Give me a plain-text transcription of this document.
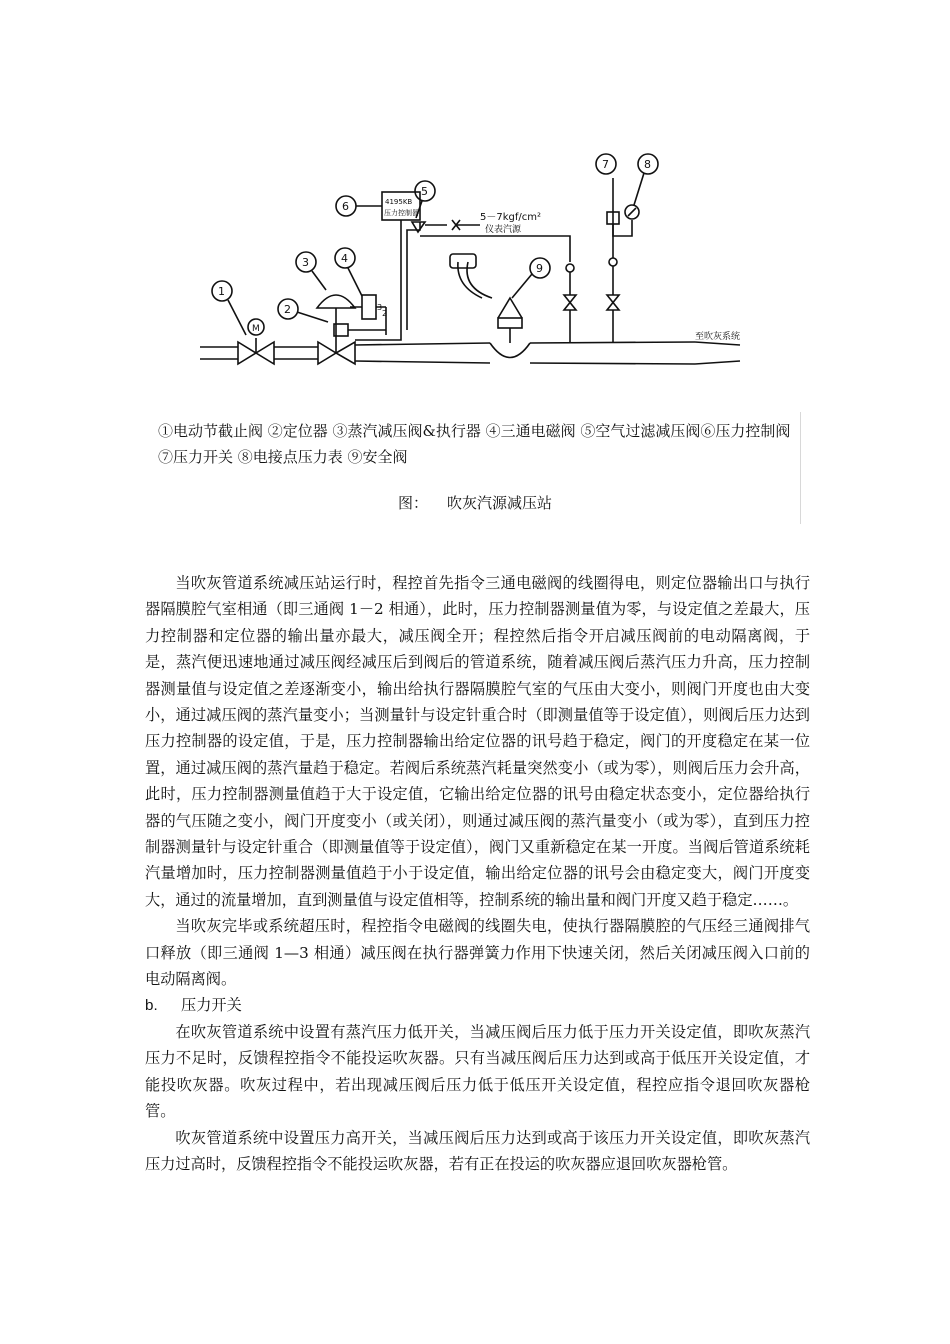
1
2
3	4
5
6
7	8
9
M
4195KB
压力控制器	5－7kgf/cm²
仪表汽源
至吹灰系统
3
2
①电动节截止阀 ②定位器 ③蒸汽减压阀&执行器 ④三通电磁阀 ⑤空气过滤减压阀⑥压力控制阀 ⑦压力开关 ⑧电接点压力表 ⑨安全阀
图：    吹灰汽源减压站

当吹灰管道系统减压站运行时，程控首先指令三通电磁阀的线圈得电，则定位器输出口与执行器隔膜腔气室相通（即三通阀 1－2 相通），此时，压力控制器测量值为零，与设定值之差最大，压力控制器和定位器的输出量亦最大，减压阀全开；程控然后指令开启减压阀前的电动隔离阀，于是，蒸汽便迅速地通过减压阀经减压后到阀后的管道系统，随着减压阀后蒸汽压力升高，压力控制器测量值与设定值之差逐渐变小，输出给执行器隔膜腔气室的气压由大变小，则阀门开度也由大变小，通过减压阀的蒸汽量变小；当测量针与设定针重合时（即测量值等于设定值），则阀后压力达到压力控制器的设定值，于是，压力控制器输出给定位器的讯号趋于稳定，阀门的开度稳定在某一位置，通过减压阀的蒸汽量趋于稳定。若阀后系统蒸汽耗量突然变小（或为零），则阀后压力会升高，此时，压力控制器测量值趋于大于设定值，它输出给定位器的讯号由稳定状态变小，定位器给执行器的气压随之变小，阀门开度变小（或关闭），则通过减压阀的蒸汽量变小（或为零），直到压力控制器测量针与设定针重合（即测量值等于设定值），阀门又重新稳定在某一开度。当阀后管道系统耗汽量增加时，压力控制器测量值趋于小于设定值，输出给定位器的讯号会由稳定变大，阀门开度变大，通过的流量增加，直到测量值与设定值相等，控制系统的输出量和阀门开度又趋于稳定……。

当吹灰完毕或系统超压时，程控指令电磁阀的线圈失电，使执行器隔膜腔的气压经三通阀排气口释放（即三通阀 1—3 相通）减压阀在执行器弹簧力作用下快速关闭，然后关闭减压阀入口前的电动隔离阀。

b. 压力开关

在吹灰管道系统中设置有蒸汽压力低开关，当减压阀后压力低于压力开关设定值，即吹灰蒸汽压力不足时，反馈程控指令不能投运吹灰器。只有当减压阀后压力达到或高于低压开关设定值，才能投吹灰器。吹灰过程中，若出现减压阀后压力低于低压开关设定值，程控应指令退回吹灰器枪管。

吹灰管道系统中设置压力高开关，当减压阀后压力达到或高于该压力开关设定值，即吹灰蒸汽压力过高时，反馈程控指令不能投运吹灰器，若有正在投运的吹灰器应退回吹灰器枪管。
